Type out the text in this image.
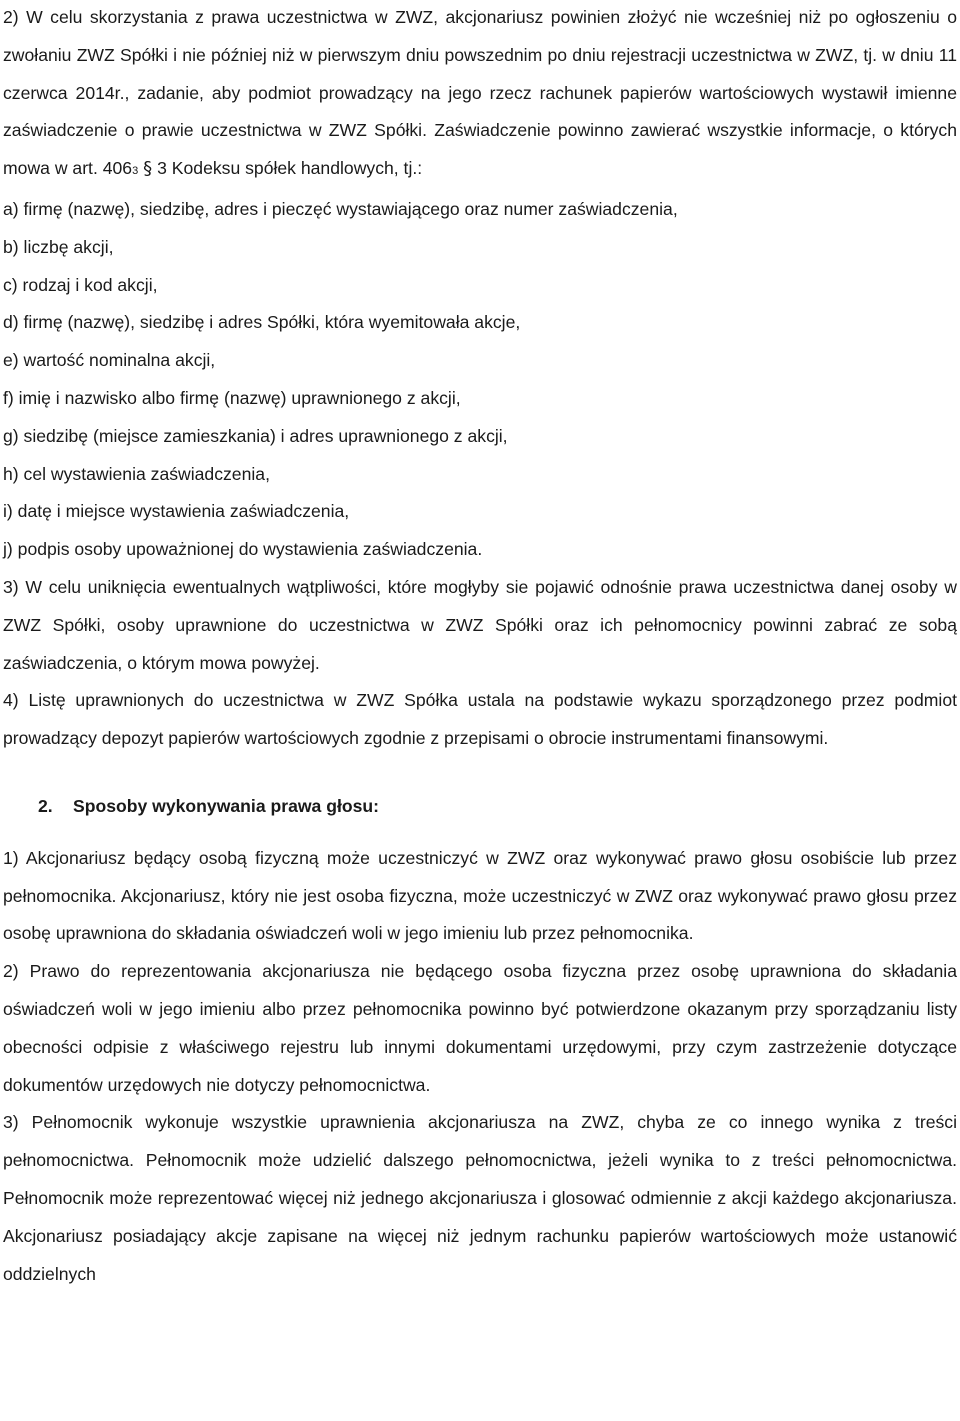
2) W celu skorzystania z prawa uczestnictwa w ZWZ, akcjonariusz powinien złożyć nie wcześniej niż po ogłoszeniu o zwołaniu ZWZ Spółki i nie później niż w pierwszym dniu powszednim po dniu rejestracji uczestnictwa w ZWZ, tj. w dniu 11 czerwca 2014r., zadanie, aby podmiot prowadzący na jego rzecz rachunek papierów wartościowych wystawił imienne zaświadczenie o prawie uczestnictwa w ZWZ Spółki. Zaświadczenie powinno zawierać wszystkie informacje, o których mowa w art. 4063 § 3 Kodeksu spółek handlowych, tj.:

a) firmę (nazwę), siedzibę, adres i pieczęć wystawiającego oraz numer zaświadczenia,

b) liczbę akcji,

c) rodzaj i kod akcji,

d) firmę (nazwę), siedzibę i adres Spółki, która wyemitowała akcje,

e) wartość nominalna akcji,

f) imię i nazwisko albo firmę (nazwę) uprawnionego z akcji,

g) siedzibę (miejsce zamieszkania) i adres uprawnionego z akcji,

h) cel wystawienia zaświadczenia,

i) datę i miejsce wystawienia zaświadczenia,

j) podpis osoby upoważnionej do wystawienia zaświadczenia.

3) W celu uniknięcia ewentualnych wątpliwości, które mogłyby sie pojawić odnośnie prawa uczestnictwa danej osoby w ZWZ Spółki, osoby uprawnione do uczestnictwa w ZWZ Spółki oraz ich pełnomocnicy powinni zabrać ze sobą zaświadczenia, o którym mowa powyżej.

4) Listę uprawnionych do uczestnictwa w ZWZ Spółka ustala na podstawie wykazu sporządzonego przez podmiot prowadzący depozyt papierów wartościowych zgodnie z przepisami o obrocie instrumentami finansowymi.

2. Sposoby wykonywania prawa głosu:

1) Akcjonariusz będący osobą fizyczną może uczestniczyć w ZWZ oraz wykonywać prawo głosu osobiście lub przez pełnomocnika. Akcjonariusz, który nie jest osoba fizyczna, może uczestniczyć w ZWZ oraz wykonywać prawo głosu przez osobę uprawniona do składania oświadczeń woli w jego imieniu lub przez pełnomocnika.

2) Prawo do reprezentowania akcjonariusza nie będącego osoba fizyczna przez osobę uprawniona do składania oświadczeń woli w jego imieniu albo przez pełnomocnika powinno być potwierdzone okazanym przy sporządzaniu listy obecności odpisie z właściwego rejestru lub innymi dokumentami urzędowymi, przy czym zastrzeżenie dotyczące dokumentów urzędowych nie dotyczy pełnomocnictwa.

3) Pełnomocnik wykonuje wszystkie uprawnienia akcjonariusza na ZWZ, chyba ze co innego wynika z treści pełnomocnictwa. Pełnomocnik może udzielić dalszego pełnomocnictwa, jeżeli wynika to z treści pełnomocnictwa. Pełnomocnik może reprezentować więcej niż jednego akcjonariusza i glosować odmiennie z akcji każdego akcjonariusza. Akcjonariusz posiadający akcje zapisane na więcej niż jednym rachunku papierów wartościowych może ustanowić oddzielnych
